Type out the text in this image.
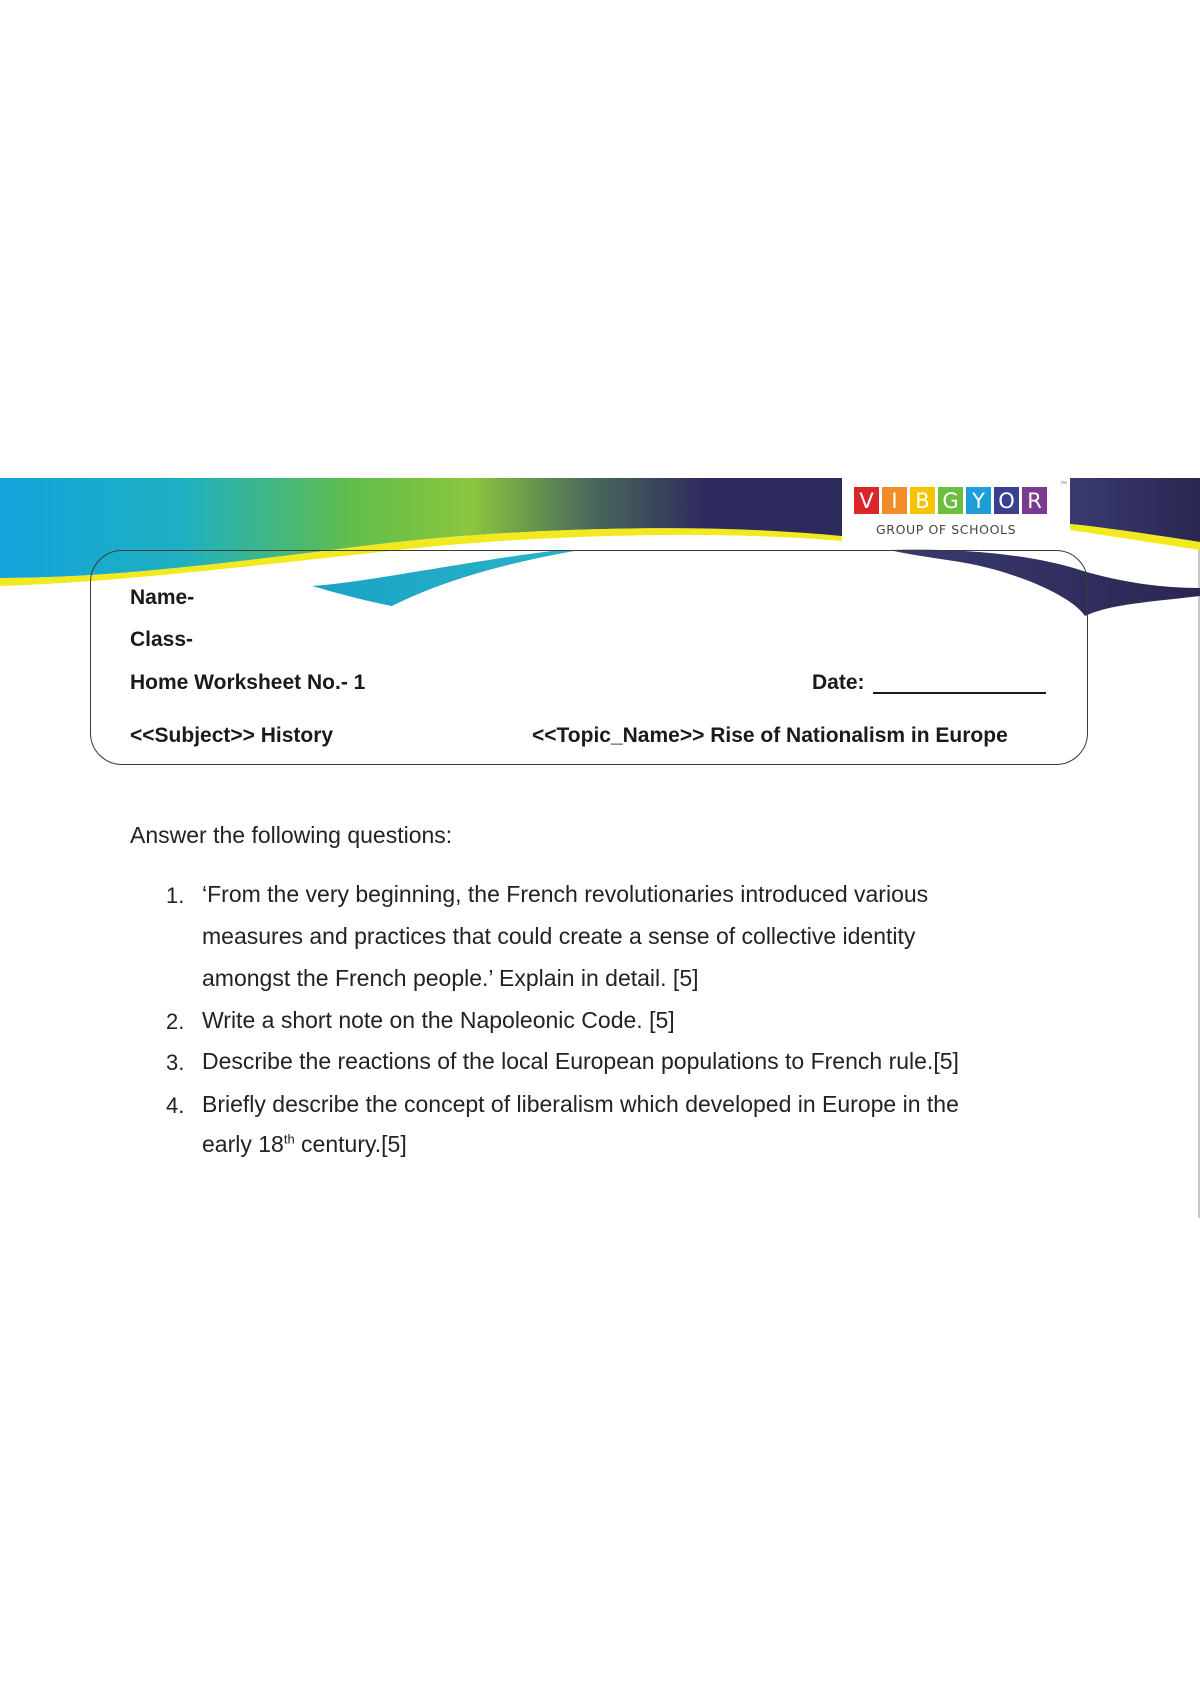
V I B G Y O R
GROUP OF SCHOOLS
™
Name-
Class-
Home Worksheet No.- 1	Date:
<<Subject>> History	<<Topic_Name>> Rise of Nationalism in Europe
Answer the following questions:
1. ‘From the very beginning, the French revolutionaries introduced various
measures and practices that could create a sense of collective identity
amongst the French people.’ Explain in detail. [5]
2. Write a short note on the Napoleonic Code. [5]
3. Describe the reactions of the local European populations to French rule.[5]
4. Briefly describe the concept of liberalism which developed in Europe in the
early 18th century.[5]
